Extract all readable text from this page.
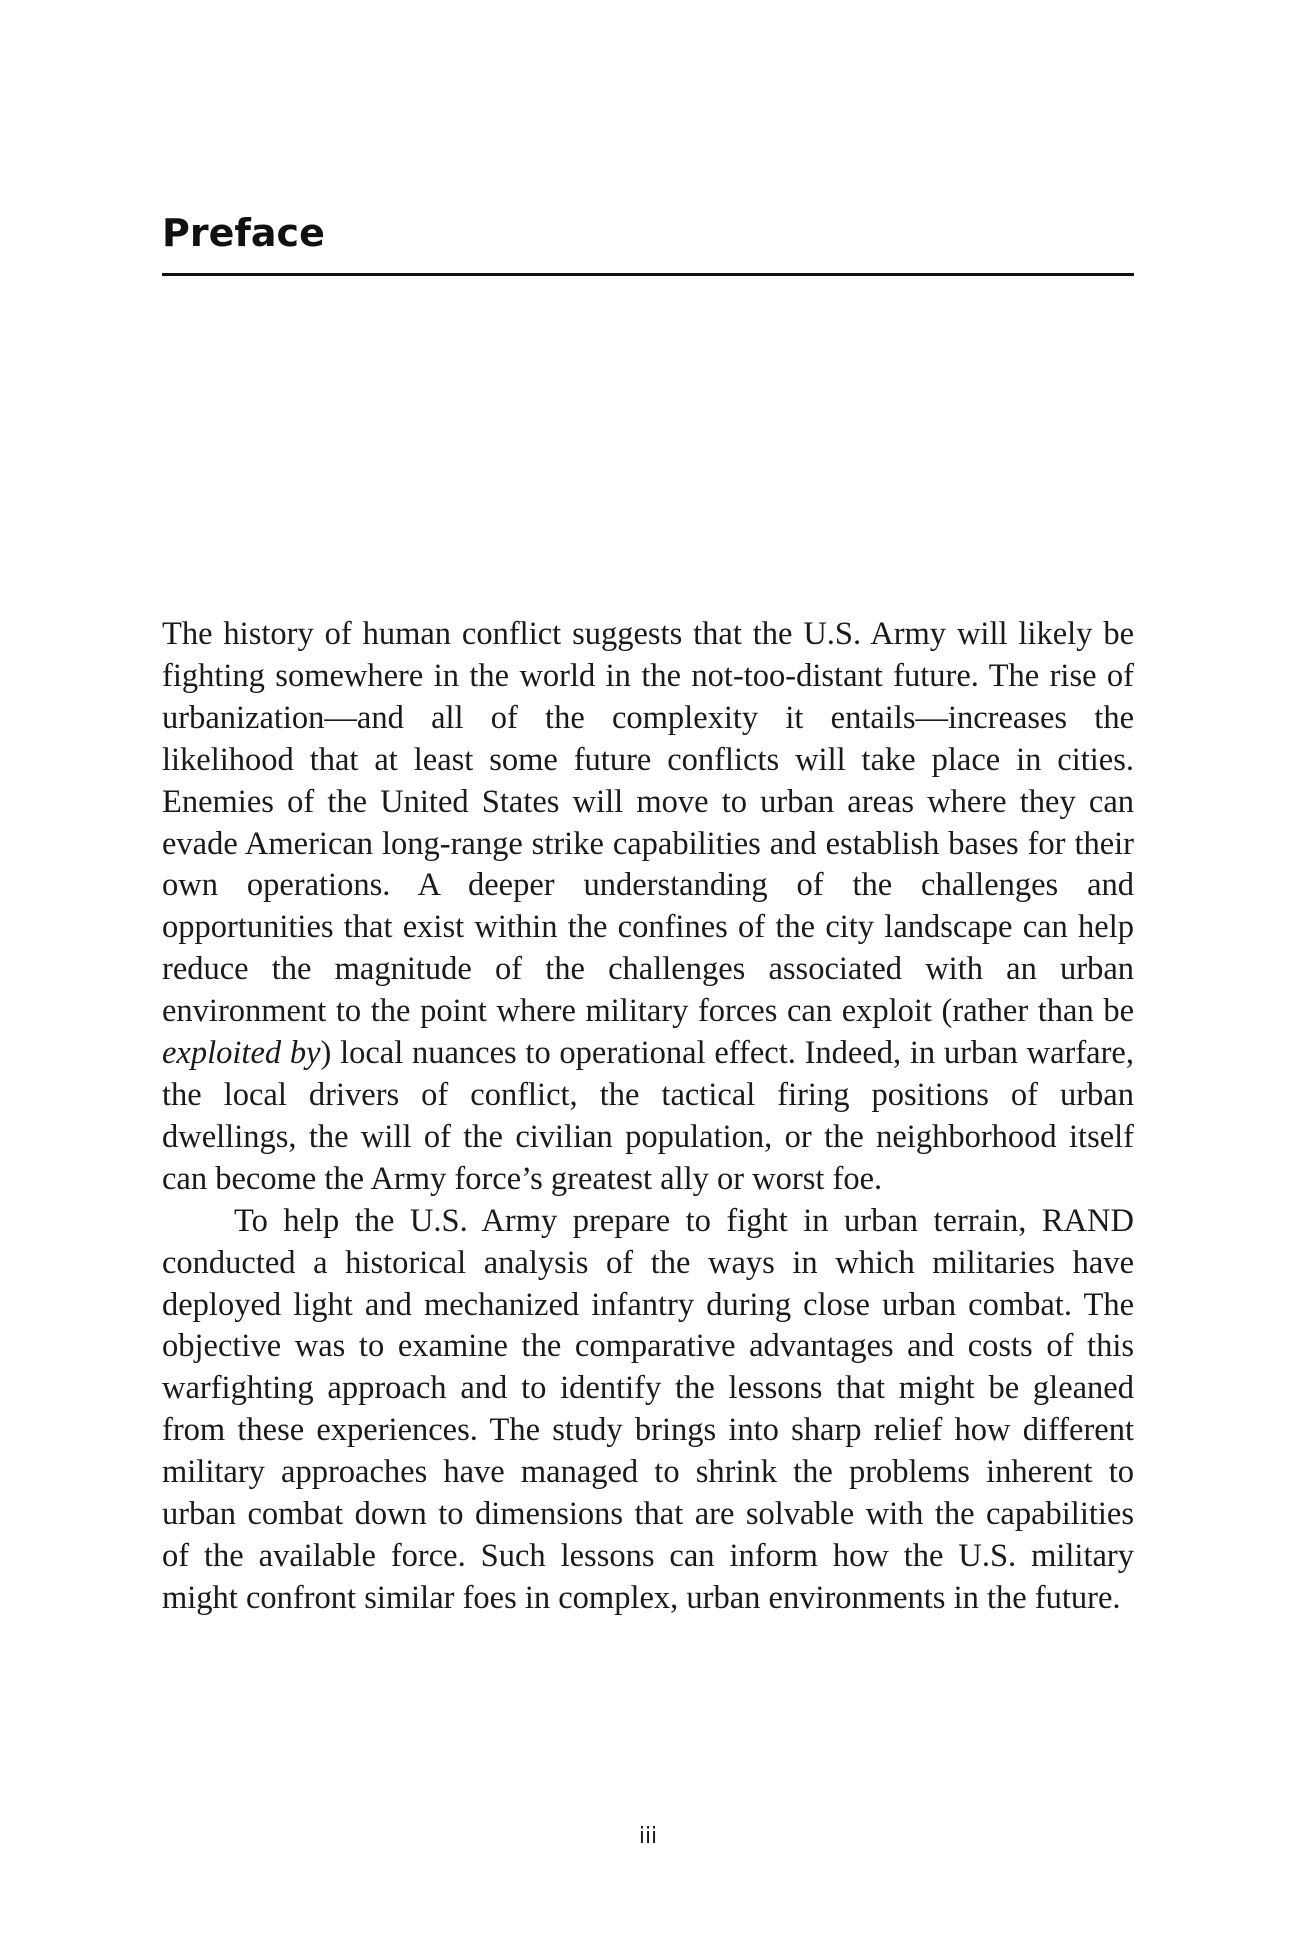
Preface

The history of human conflict suggests that the U.S. Army will likely be fighting somewhere in the world in the not-too-distant future. The rise of urbanization—and all of the complexity it entails—increases the likelihood that at least some future conflicts will take place in cities. Enemies of the United States will move to urban areas where they can evade American long-range strike capabilities and establish bases for their own operations. A deeper understanding of the challenges and opportunities that exist within the confines of the city landscape can help reduce the magnitude of the challenges associated with an urban environment to the point where military forces can exploit (rather than be exploited by) local nuances to operational effect. Indeed, in urban warfare, the local drivers of conflict, the tactical firing positions of urban dwellings, the will of the civilian population, or the neighborhood itself can become the Army force’s greatest ally or worst foe.

To help the U.S. Army prepare to fight in urban terrain, RAND conducted a historical analysis of the ways in which militaries have deployed light and mechanized infantry during close urban combat. The objective was to examine the comparative advantages and costs of this warfighting approach and to identify the lessons that might be gleaned from these experiences. The study brings into sharp relief how different military approaches have managed to shrink the problems inherent to urban combat down to dimensions that are solvable with the capabilities of the available force. Such lessons can inform how the U.S. military might confront similar foes in complex, urban environments in the future.

iii
